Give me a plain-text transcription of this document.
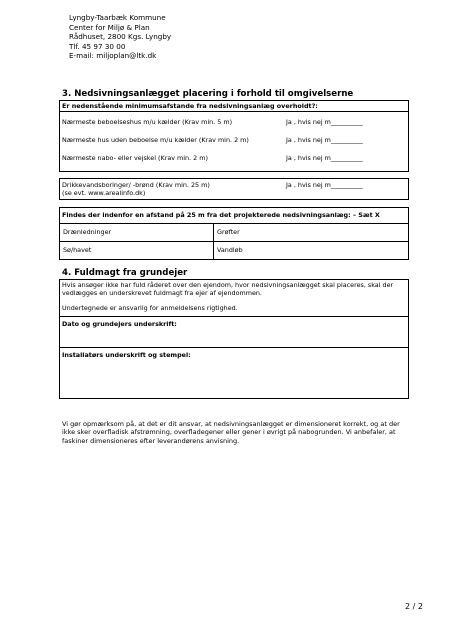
Lyngby-Taarbæk Kommune
Center for Miljø & Plan
Rådhuset, 2800 Kgs. Lyngby
Tlf. 45 97 30 00
E-mail: miljoplan@ltk.dk
3. Nedsivningsanlægget placering i forhold til omgivelserne
Er nedenstående minimumsafstande fra nedsivningsanlæg overholdt?:
Nærmeste beboelseshus m/u kælder (Krav min. 5 m)	Ja , hvis nej m__________
Nærmeste hus uden beboelse m/u kælder (Krav min. 2 m)	Ja , hvis nej m__________
Nærmeste nabo- eller vejskel (Krav min. 2 m)	Ja , hvis nej m__________
Drikkevandsboringer/ -brønd (Krav min. 25 m)	Ja , hvis nej m__________
(se evt. www.arealinfo.dk)
Findes der indenfor en afstand på 25 m fra det projekterede nedsivningsanlæg: – Sæt X
Drænledninger	Grøfter
Sø/havet	Vandløb
4. Fuldmagt fra grundejer

Hvis ansøger ikke har fuld råderet over den ejendom, hvor nedsivningsanlægget skal placeres, skal der vedlægges en underskrevet fuldmagt fra ejer af ejendommen.

Undertegnede er ansvarlig for anmeldelsens rigtighed.

Dato og grundejers underskrift:
Installatørs underskrift og stempel:
Vi gør opmærksom på, at det er dit ansvar, at nedsivningsanlægget er dimensioneret korrekt, og at der ikke sker overfladisk afstrømning, overfladegener eller gener i øvrigt på nabogrunden. Vi anbefaler, at faskiner dimensioneres efter leverandørens anvisning.
2 / 2
